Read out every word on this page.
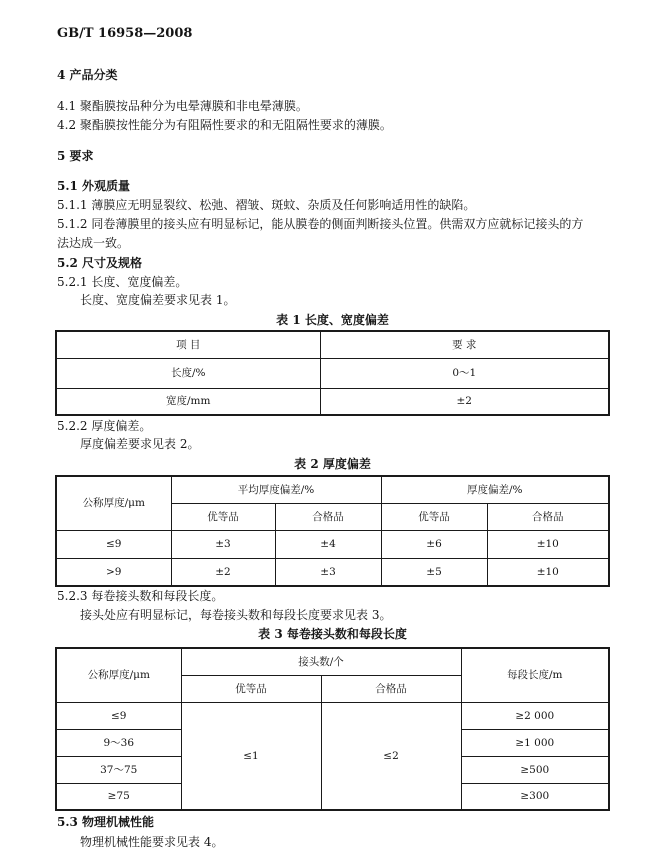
GB/T 16958—2008
4 产品分类
4.1 聚酯膜按品种分为电晕薄膜和非电晕薄膜。
4.2 聚酯膜按性能分为有阻隔性要求的和无阻隔性要求的薄膜。
5 要求
5.1 外观质量
5.1.1 薄膜应无明显裂纹、松弛、褶皱、斑蚊、杂质及任何影响适用性的缺陷。
5.1.2 同卷薄膜里的接头应有明显标记，能从膜卷的侧面判断接头位置。供需双方应就标记接头的方
法达成一致。
5.2 尺寸及规格
5.2.1 长度、宽度偏差。
长度、宽度偏差要求见表 1。
表 1 长度、宽度偏差
项 目	要 求
长度/%	0～1
宽度/mm	±2
5.2.2 厚度偏差。
厚度偏差要求见表 2。
表 2 厚度偏差
公称厚度/μm	平均厚度偏差/%		厚度偏差/%	
	优等品	合格品	优等品	合格品
≤9	±3	±4	±6	±10
>9	±2	±3	±5	±10
5.2.3 每卷接头数和每段长度。
接头处应有明显标记，每卷接头数和每段长度要求见表 3。
表 3 每卷接头数和每段长度
公称厚度/μm	接头数/个		每段长度/m
	优等品	合格品	
≤9	≤1	≤2	≥2 000
9～36			≥1 000
37～75			≥500
≥75			≥300
5.3 物理机械性能
物理机械性能要求见表 4。
